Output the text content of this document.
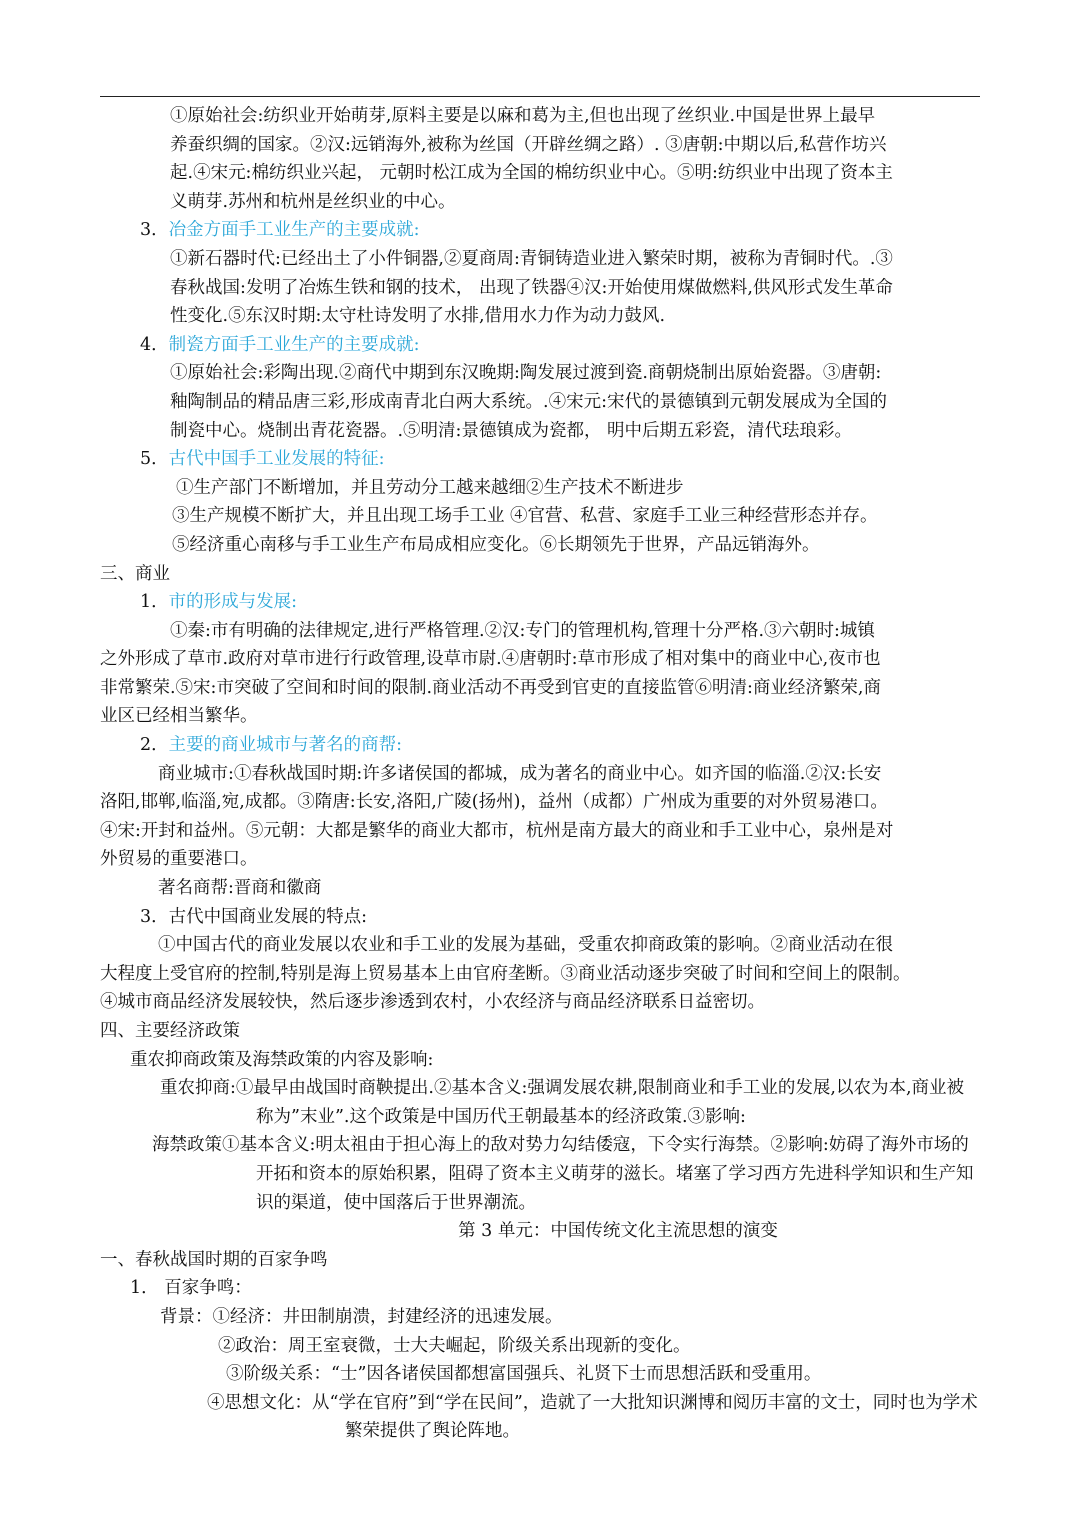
①原始社会:纺织业开始萌芽,原料主要是以麻和葛为主,但也出现了丝织业.中国是世界上最早
养蚕织绸的国家。②汉:远销海外,被称为丝国（开辟丝绸之路）. ③唐朝:中期以后,私营作坊兴
起.④宋元:棉纺织业兴起， 元朝时松江成为全国的棉纺织业中心。⑤明:纺织业中出现了资本主
义萌芽.苏州和杭州是丝织业的中心。
3．冶金方面手工业生产的主要成就:
①新石器时代:已经出土了小件铜器,②夏商周:青铜铸造业进入繁荣时期，被称为青铜时代。.③
春秋战国:发明了冶炼生铁和钢的技术， 出现了铁器④汉:开始使用煤做燃料,供风形式发生革命
性变化.⑤东汉时期:太守杜诗发明了水排,借用水力作为动力鼓风.
4．制瓷方面手工业生产的主要成就:
①原始社会:彩陶出现.②商代中期到东汉晚期:陶发展过渡到瓷.商朝烧制出原始瓷器。③唐朝:
釉陶制品的精品唐三彩,形成南青北白两大系统。.④宋元:宋代的景德镇到元朝发展成为全国的
制瓷中心。烧制出青花瓷器。.⑤明清:景德镇成为瓷都， 明中后期五彩瓷，清代珐琅彩。
5．古代中国手工业发展的特征:
①生产部门不断增加，并且劳动分工越来越细②生产技术不断进步
③生产规模不断扩大，并且出现工场手工业 ④官营、私营、家庭手工业三种经营形态并存。
⑤经济重心南移与手工业生产布局成相应变化。⑥长期领先于世界，产品远销海外。
三、商业
1．市的形成与发展:
①秦:市有明确的法律规定,进行严格管理.②汉:专门的管理机构,管理十分严格.③六朝时:城镇
之外形成了草市.政府对草市进行行政管理,设草市尉.④唐朝时:草市形成了相对集中的商业中心,夜市也
非常繁荣.⑤宋:市突破了空间和时间的限制.商业活动不再受到官吏的直接监管⑥明清:商业经济繁荣,商
业区已经相当繁华。
2．主要的商业城市与著名的商帮:
商业城市:①春秋战国时期:许多诸侯国的都城，成为著名的商业中心。如齐国的临淄.②汉:长安
洛阳,邯郸,临淄,宛,成都。③隋唐:长安,洛阳,广陵(扬州)，益州（成都）广州成为重要的对外贸易港口。
④宋:开封和益州。⑤元朝：大都是繁华的商业大都市，杭州是南方最大的商业和手工业中心，泉州是对
外贸易的重要港口。
著名商帮:晋商和徽商
3．古代中国商业发展的特点:
①中国古代的商业发展以农业和手工业的发展为基础，受重农抑商政策的影响。②商业活动在很
大程度上受官府的控制,特别是海上贸易基本上由官府垄断。③商业活动逐步突破了时间和空间上的限制。
④城市商品经济发展较快，然后逐步渗透到农村，小农经济与商品经济联系日益密切。
四、主要经济政策
重农抑商政策及海禁政策的内容及影响:
重农抑商:①最早由战国时商鞅提出.②基本含义:强调发展农耕,限制商业和手工业的发展,以农为本,商业被称为”末业”.这个政策是中国历代王朝最基本的经济政策.③影响:
海禁政策①基本含义:明太祖由于担心海上的敌对势力勾结倭寇，下令实行海禁。②影响:妨碍了海外市场的开拓和资本的原始积累，阻碍了资本主义萌芽的滋长。堵塞了学习西方先进科学知识和生产知识的渠道，使中国落后于世界潮流。
第 3 单元：中国传统文化主流思想的演变
一、春秋战国时期的百家争鸣
1． 百家争鸣：
背景：①经济：井田制崩溃，封建经济的迅速发展。
②政治：周王室衰微，士大夫崛起，阶级关系出现新的变化。
③阶级关系：“士”因各诸侯国都想富国强兵、礼贤下士而思想活跃和受重用。
④思想文化：从“学在官府”到“学在民间”，造就了一大批知识渊博和阅历丰富的文士，同时也为学术繁荣提供了舆论阵地。
